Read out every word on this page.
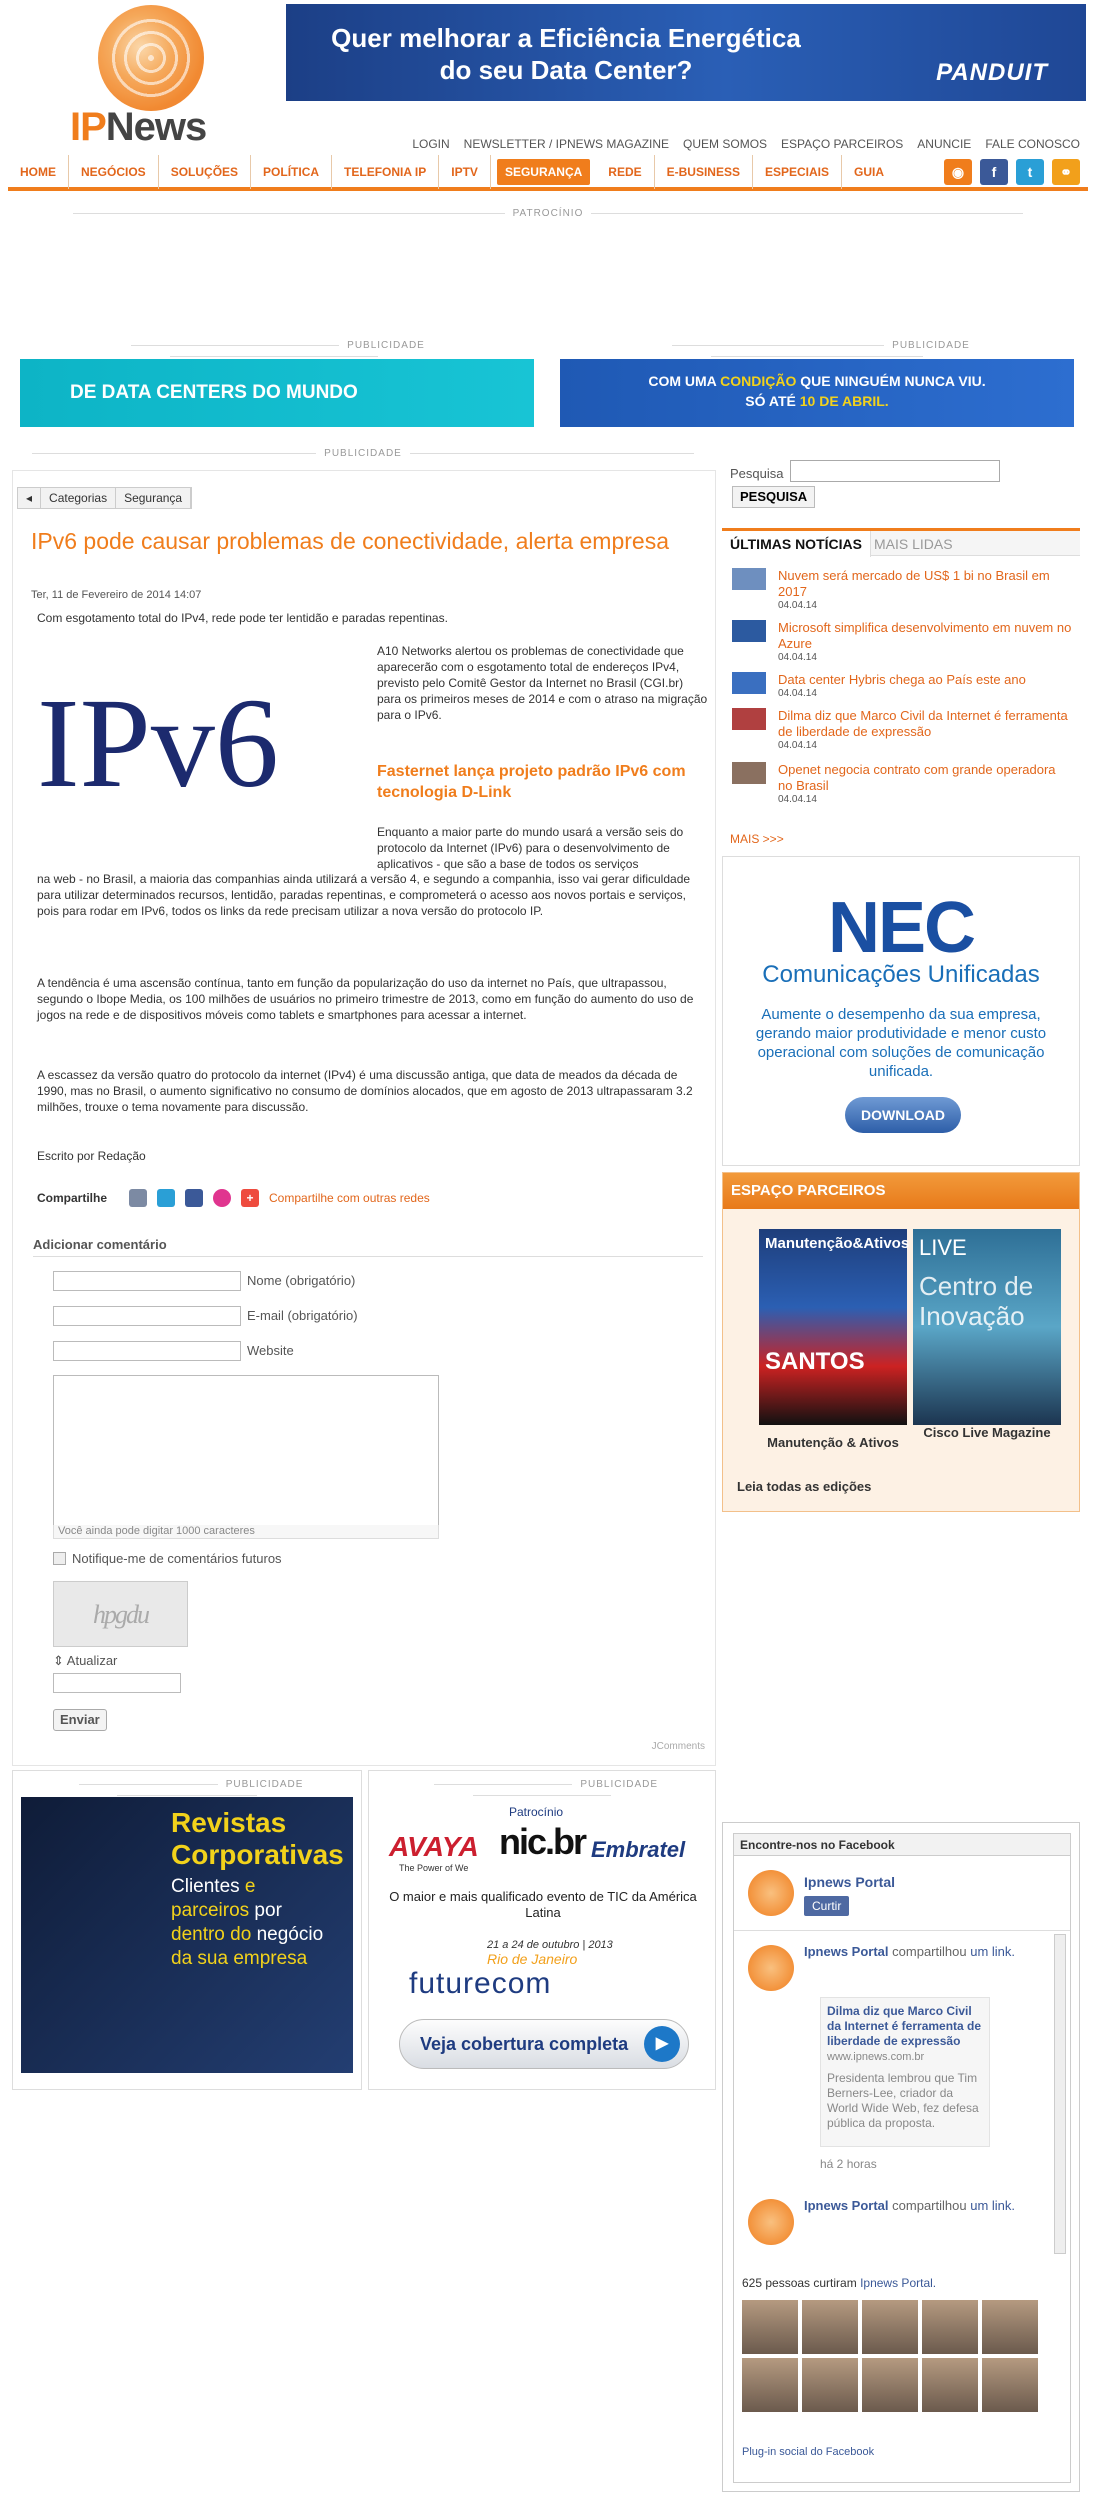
IPNews
Quer melhorar a Eficiência Energética
do seu Data Center?	PANDUIT
LOGIN NEWSLETTER / IPNEWS MAGAZINE QUEM SOMOS ESPAÇO PARCEIROS ANUNCIE FALE CONOSCO
HOME	NEGÓCIOS	SOLUÇÕES	POLÍTICA	TELEFONIA IP	IPTV	SEGURANÇA	REDE	E-BUSINESS	ESPECIAIS	GUIA	◉	f	t	⚭
PATROCÍNIO
PUBLICIDADE	PUBLICIDADE
DE DATA CENTERS DO MUNDO
COM UMA CONDIÇÃO QUE NINGUÉM NUNCA VIU.
SÓ ATÉ 10 DE ABRIL.
PUBLICIDADE
◂	Categorias	Segurança
IPv6 pode causar problemas de conectividade, alerta empresa
Ter, 11 de Fevereiro de 2014 14:07
Com esgotamento total do IPv4, rede pode ter lentidão e paradas repentinas.
IPv6
A10 Networks alertou os problemas de conectividade que aparecerão com o esgotamento total de endereços IPv4, previsto pelo Comitê Gestor da Internet no Brasil (CGI.br) para os primeiros meses de 2014 e com o atraso na migração para o IPv6.
Fasternet lança projeto padrão IPv6 com tecnologia D-Link
Enquanto a maior parte do mundo usará a versão seis do protocolo da Internet (IPv6) para o desenvolvimento de aplicativos - que são a base de todos os serviços
na web - no Brasil, a maioria das companhias ainda utilizará a versão 4, e segundo a companhia, isso vai gerar dificuldade para utilizar determinados recursos, lentidão, paradas repentinas, e comprometerá o acesso aos novos portais e serviços, pois para rodar em IPv6, todos os links da rede precisam utilizar a nova versão do protocolo IP.
A tendência é uma ascensão contínua, tanto em função da popularização do uso da internet no País, que ultrapassou, segundo o Ibope Media, os 100 milhões de usuários no primeiro trimestre de 2013, como em função do aumento do uso de jogos na rede e de dispositivos móveis como tablets e smartphones para acessar a internet.
A escassez da versão quatro do protocolo da internet (IPv4) é uma discussão antiga, que data de meados da década de 1990, mas no Brasil, o aumento significativo no consumo de domínios alocados, que em agosto de 2013 ultrapassaram 3.2 milhões, trouxe o tema novamente para discussão.
Escrito por Redação
Compartilhe	+	Compartilhe com outras redes
Adicionar comentário
Nome (obrigatório)
E-mail (obrigatório)
Website
Você ainda pode digitar 1000 caracteres
Notifique-me de comentários futuros
hpgdu
⇕ Atualizar
Enviar
JComments
PUBLICIDADE
Revistas
Corporativas
Clientes e
parceiros por
dentro do negócio
da sua empresa
PUBLICIDADE
AVAYA
The Power of We
Patrocínio
nic.br Embratel
O maior e mais qualificado evento de TIC da América Latina
21 a 24 de outubro | 2013
Rio de Janeiro
futurecom
Veja cobertura completa	▶
Pesquisa
PESQUISA
ÚLTIMAS NOTÍCIAS MAIS LIDAS
Nuvem será mercado de US$ 1 bi no Brasil em 2017
04.04.14
Microsoft simplifica desenvolvimento em nuvem no Azure
04.04.14
Data center Hybris chega ao País este ano
04.04.14
Dilma diz que Marco Civil da Internet é ferramenta de liberdade de expressão
04.04.14
Openet negocia contrato com grande operadora no Brasil
04.04.14
MAIS >>>
NEC
Comunicações Unificadas
Aumente o desempenho da sua empresa, gerando maior produtividade e menor custo operacional com soluções de comunicação unificada.
DOWNLOAD
ESPAÇO PARCEIROS
Manutenção&Ativos
SANTOS
LIVE
Centro de Inovação
Manutenção & Ativos
Cisco Live Magazine
Leia todas as edições
Encontre-nos no Facebook
Ipnews Portal
Curtir
Ipnews Portal compartilhou um link.
Dilma diz que Marco Civil da Internet é ferramenta de liberdade de expressão
www.ipnews.com.br
Presidenta lembrou que Tim Berners-Lee, criador da World Wide Web, fez defesa pública da proposta.
há 2 horas
Ipnews Portal compartilhou um link.
625 pessoas curtiram Ipnews Portal.
Plug-in social do Facebook
